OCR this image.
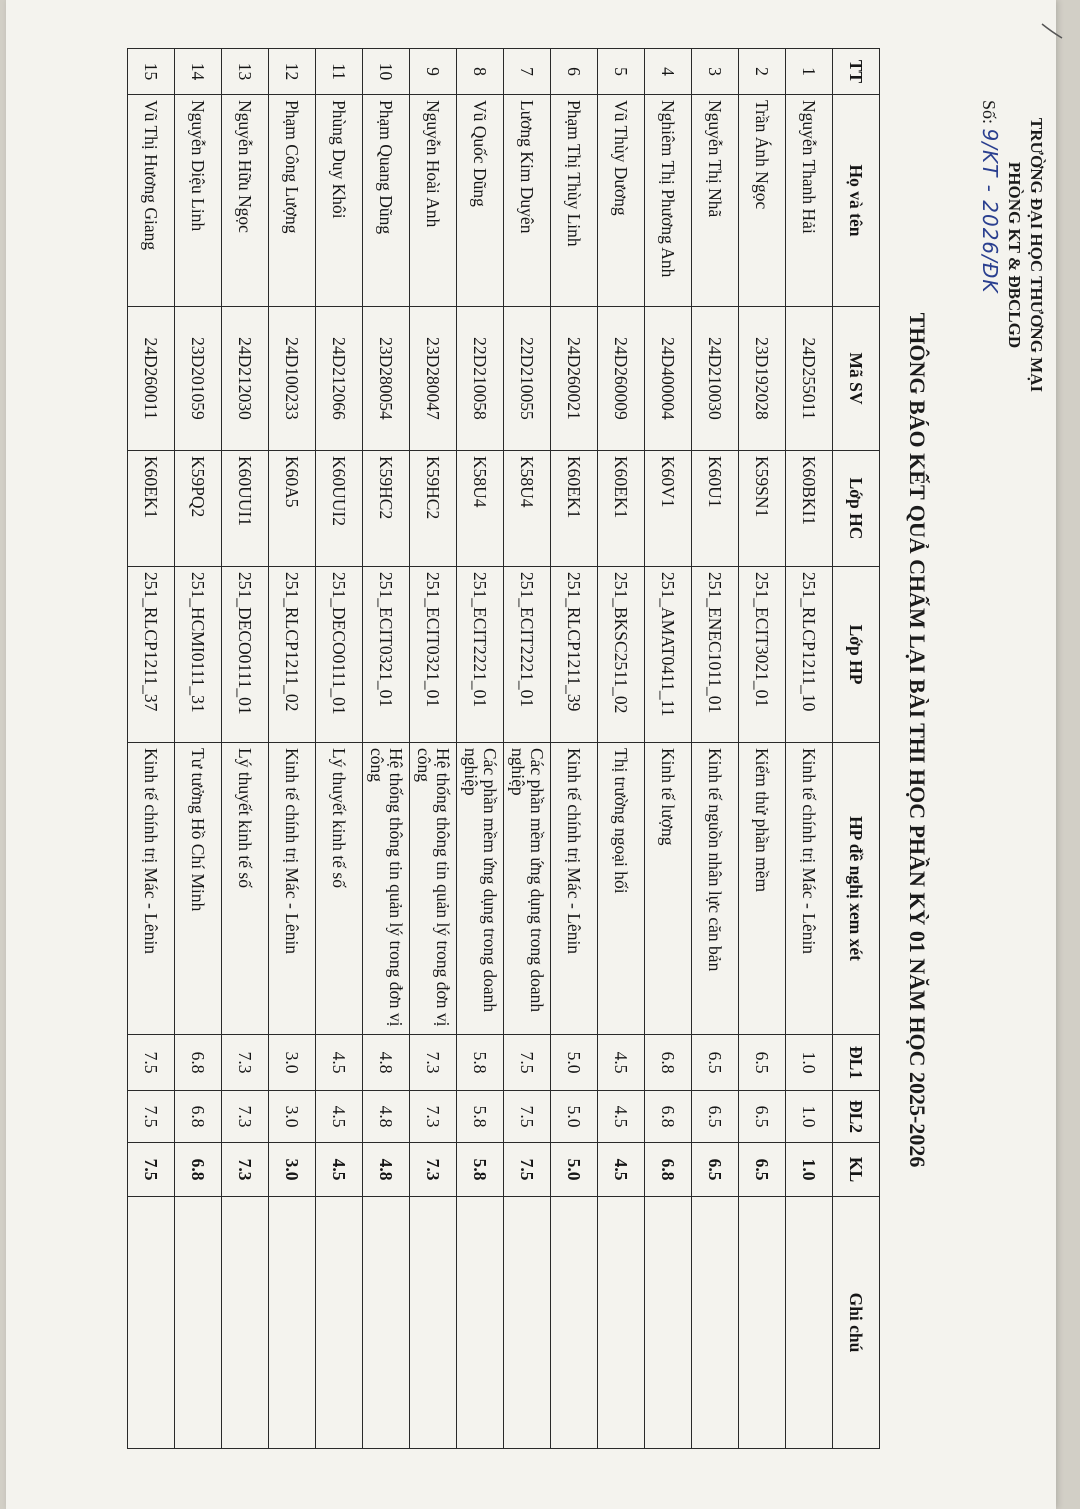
TRƯỜNG ĐẠI HỌC THƯƠNG MẠI
PHÒNG KT & ĐBCLGD
Số: 9/KT - 2026/ĐK
THÔNG BÁO KẾT QUẢ CHẤM LẠI BÀI THI HỌC PHẦN KỲ 01 NĂM HỌC 2025-2026
TT	Họ và tên	Mã SV	Lớp HC	Lớp HP	HP đề nghị xem xét	ĐL1	ĐL2	KL	Ghi chú
1	Nguyễn Thanh Hải	24D255011	K60BKI1	251_RLCP1211_10	Kinh tế chính trị Mác - Lênin	1.0	1.0	1.0	
2	Trần Ánh Ngọc	23D192028	K59SN1	251_ECIT3021_01	Kiểm thử phần mềm	6.5	6.5	6.5	
3	Nguyễn Thị Nhã	24D210030	K60U1	251_ENEC1011_01	Kinh tế nguồn nhân lực căn bản	6.5	6.5	6.5	
4	Nghiêm Thị Phương Anh	24D400004	K60V1	251_AMAT0411_11	Kinh tế lượng	6.8	6.8	6.8	
5	Vũ Thùy Dương	24D260009	K60EK1	251_BKSC2511_02	Thị trường ngoại hối	4.5	4.5	4.5	
6	Phạm Thị Thùy Linh	24D260021	K60EK1	251_RLCP1211_39	Kinh tế chính trị Mác - Lênin	5.0	5.0	5.0	
7	Lương Kim Duyên	22D210055	K58U4	251_ECIT2221_01	Các phần mềm ứng dụng trong doanh nghiệp	7.5	7.5	7.5	
8	Vũ Quốc Dũng	22D210058	K58U4	251_ECIT2221_01	Các phần mềm ứng dụng trong doanh nghiệp	5.8	5.8	5.8	
9	Nguyễn Hoài Anh	23D280047	K59HC2	251_ECIT0321_01	Hệ thống thông tin quản lý trong đơn vị công	7.3	7.3	7.3	
10	Phạm Quang Dũng	23D280054	K59HC2	251_ECIT0321_01	Hệ thống thông tin quản lý trong đơn vị công	4.8	4.8	4.8	
11	Phùng Duy Khôi	24D212066	K60UUI2	251_DECO0111_01	Lý thuyết kinh tế số	4.5	4.5	4.5	
12	Phạm Công Lượng	24D100233	K60A5	251_RLCP1211_02	Kinh tế chính trị Mác - Lênin	3.0	3.0	3.0	
13	Nguyễn Hữu Ngọc	24D212030	K60UUI1	251_DECO0111_01	Lý thuyết kinh tế số	7.3	7.3	7.3	
14	Nguyễn Diệu Linh	23D201059	K59PQ2	251_HCMI0111_31	Tư tưởng Hồ Chí Minh	6.8	6.8	6.8	
15	Vũ Thị Hương Giang	24D260011	K60EK1	251_RLCP1211_37	Kinh tế chính trị Mác - Lênin	7.5	7.5	7.5	
